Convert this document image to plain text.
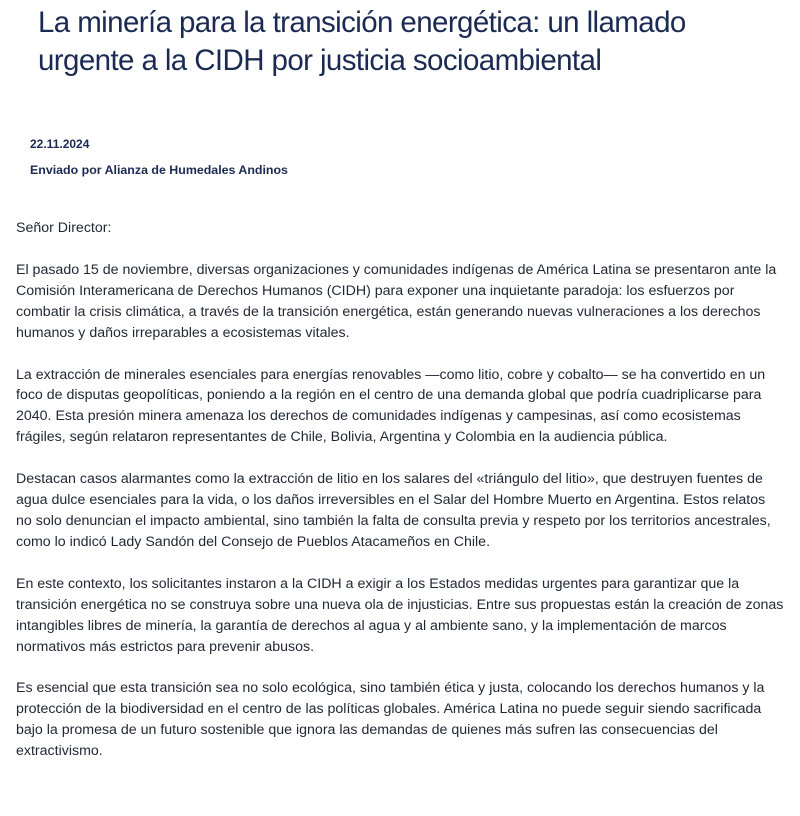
La minería para la transición energética: un llamado urgente a la CIDH por justicia socioambiental
22.11.2024
Enviado por Alianza de Humedales Andinos

Señor Director:

El pasado 15 de noviembre, diversas organizaciones y comunidades indígenas de América Latina se presentaron ante la Comisión Interamericana de Derechos Humanos (CIDH) para exponer una inquietante paradoja: los esfuerzos por combatir la crisis climática, a través de la transición energética, están generando nuevas vulneraciones a los derechos humanos y daños irreparables a ecosistemas vitales.

La extracción de minerales esenciales para energías renovables —como litio, cobre y cobalto— se ha convertido en un foco de disputas geopolíticas, poniendo a la región en el centro de una demanda global que podría cuadriplicarse para 2040. Esta presión minera amenaza los derechos de comunidades indígenas y campesinas, así como ecosistemas frágiles, según relataron representantes de Chile, Bolivia, Argentina y Colombia en la audiencia pública.

Destacan casos alarmantes como la extracción de litio en los salares del «triángulo del litio», que destruyen fuentes de agua dulce esenciales para la vida, o los daños irreversibles en el Salar del Hombre Muerto en Argentina. Estos relatos no solo denuncian el impacto ambiental, sino también la falta de consulta previa y respeto por los territorios ancestrales, como lo indicó Lady Sandón del Consejo de Pueblos Atacameños en Chile.

En este contexto, los solicitantes instaron a la CIDH a exigir a los Estados medidas urgentes para garantizar que la transición energética no se construya sobre una nueva ola de injusticias. Entre sus propuestas están la creación de zonas intangibles libres de minería, la garantía de derechos al agua y al ambiente sano, y la implementación de marcos normativos más estrictos para prevenir abusos.

Es esencial que esta transición sea no solo ecológica, sino también ética y justa, colocando los derechos humanos y la protección de la biodiversidad en el centro de las políticas globales. América Latina no puede seguir siendo sacrificada bajo la promesa de un futuro sostenible que ignora las demandas de quienes más sufren las consecuencias del extractivismo.
